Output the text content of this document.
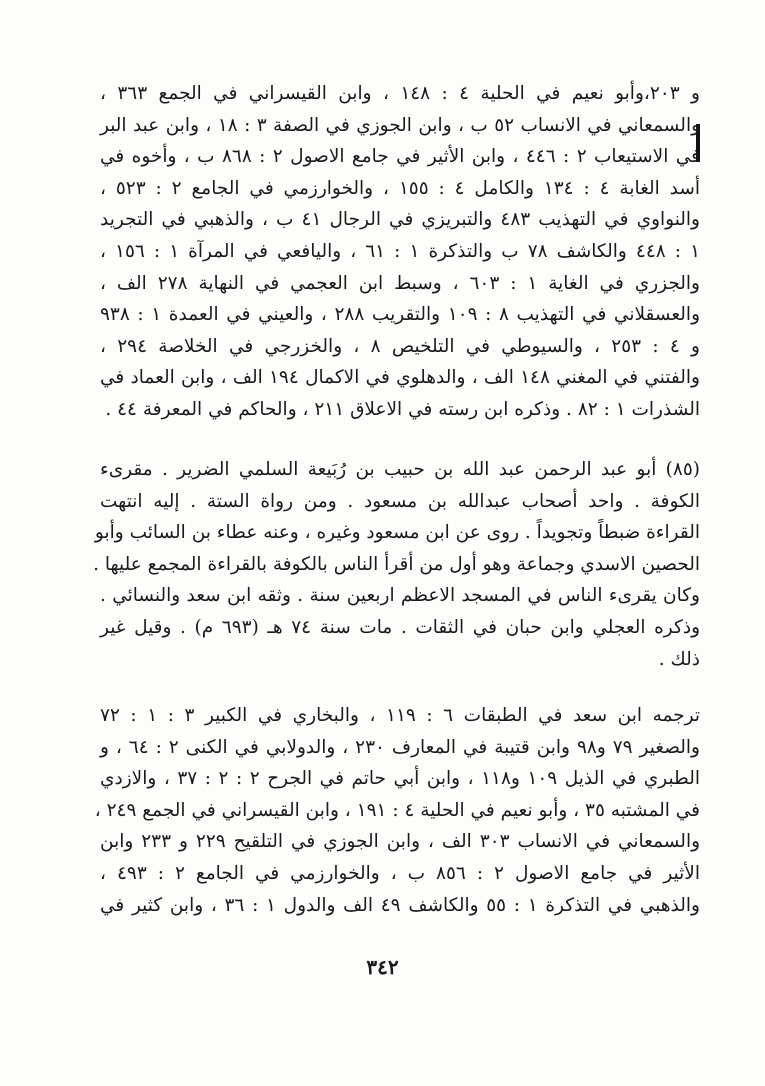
و ٢٠٣،وأبو نعيم في الحلية ٤ : ١٤٨ ، وابن القيسراني في الجمع ٣٦٣ ،
والسمعاني في الانساب ٥٢ ب ، وابن الجوزي في الصفة ٣ : ١٨ ، وابن عبد البر
في الاستيعاب ٢ : ٤٤٦ ، وابن الأثير في جامع الاصول ٢ : ٨٦٨ ب ، وأخوه في
أسد الغابة ٤ : ١٣٤ والكامل ٤ : ١٥٥ ، والخوارزمي في الجامع ٢ : ٥٢٣ ،
والنواوي في التهذيب ٤٨٣ والتبريزي في الرجال ٤١ ب ، والذهبي في التجريد
١ : ٤٤٨ والكاشف ٧٨ ب والتذكرة ١ : ٦١ ، واليافعي في المرآة ١ : ١٥٦ ،
والجزري في الغاية ١ : ٦٠٣ ، وسبط ابن العجمي في النهاية ٢٧٨ الف ،
والعسقلاني في التهذيب ٨ : ١٠٩ والتقريب ٢٨٨ ، والعيني في العمدة ١ : ٩٣٨
و ٤ : ٢٥٣ ، والسيوطي في التلخيص ٨ ، والخزرجي في الخلاصة ٢٩٤ ،
والفتني في المغني ١٤٨ الف ، والدهلوي في الاكمال ١٩٤ الف ، وابن العماد في
الشذرات ١ : ٨٢ . وذكره ابن رسته في الاعلاق ٢١١ ، والحاكم في المعرفة ٤٤ .
(٨٥) أبو عبد الرحمن عبد الله بن حبيب بن رُبَيعة السلمي الضرير . مقرىء
الكوفة . واحد أصحاب عبدالله بن مسعود . ومن رواة الستة . إليه انتهت
القراءة ضبطاً وتجويداً . روى عن ابن مسعود وغيره ، وعنه عطاء بن السائب وأبو
الحصين الاسدي وجماعة وهو أول من أقرأ الناس بالكوفة بالقراءة المجمع عليها .
وكان يقرىء الناس في المسجد الاعظم اربعين سنة . وثقه ابن سعد والنسائي .
وذكره العجلي وابن حبان في الثقات . مات سنة ٧٤ هـ (٦٩٣ م) . وقيل غير
ذلك .
ترجمه ابن سعد في الطبقات ٦ : ١١٩ ، والبخاري في الكبير ٣ : ١ : ٧٢
والصغير ٧٩ و٩٨ وابن قتيبة في المعارف ٢٣٠ ، والدولابي في الكنى ٢ : ٦٤ ، و
الطبري في الذيل ١٠٩ و١١٨ ، وابن أبي حاتم في الجرح ٢ : ٢ : ٣٧ ، والازدي
في المشتبه ٣٥ ، وأبو نعيم في الحلية ٤ : ١٩١ ، وابن القيسراني في الجمع ٢٤٩ ،
والسمعاني في الانساب ٣٠٣ الف ، وابن الجوزي في التلقيح ٢٢٩ و ٢٣٣ وابن
الأثير في جامع الاصول ٢ : ٨٥٦ ب ، والخوارزمي في الجامع ٢ : ٤٩٣ ،
والذهبي في التذكرة ١ : ٥٥ والكاشف ٤٩ الف والدول ١ : ٣٦ ، وابن كثير في
٣٤٢
